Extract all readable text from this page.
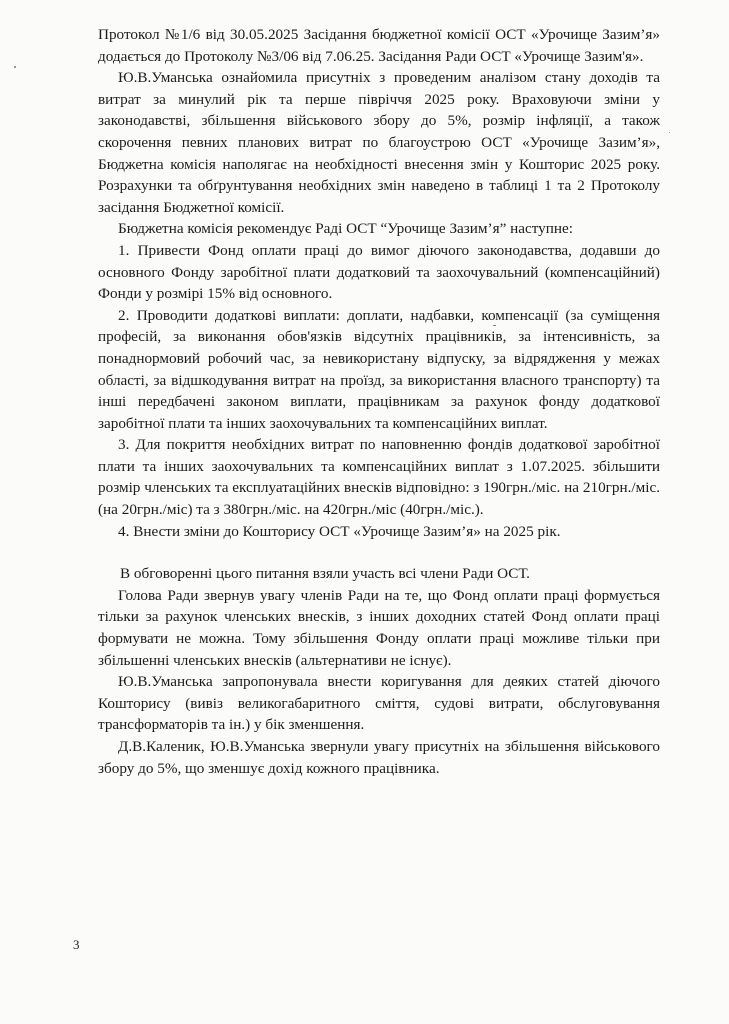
Протокол №1/6 від 30.05.2025 Засідання бюджетної комісії ОСТ «Урочище Зазим’я» додається до Протоколу №3/06 від 7.06.25. Засідання Ради ОСТ «Урочище Зазим'я».

Ю.В.Уманська ознайомила присутніх з проведеним аналізом стану доходів та витрат за минулий рік та перше півріччя 2025 року. Враховуючи зміни у законодавстві, збільшення військового збору до 5%, розмір інфляції, а також скорочення певних планових витрат по благоустрою ОСТ «Урочище Зазим’я», Бюджетна комісія наполягає на необхідності внесення змін у Кошторис 2025 року. Розрахунки та обґрунтування необхідних змін наведено в таблиці 1 та 2 Протоколу засідання Бюджетної комісії.

Бюджетна комісія рекомендує Раді ОСТ “Урочище Зазим’я” наступне:

1. Привести Фонд оплати праці до вимог діючого законодавства, додавши до основного Фонду заробітної плати додатковий та заохочувальний (компенсаційний) Фонди у розмірі 15% від основного.

2. Проводити додаткові виплати: доплати, надбавки, компенсації (за суміщення професій, за виконання обов'язків відсутніх працівників, за інтенсивність, за понаднормовий робочий час, за невикористану відпуску, за відрядження у межах області, за відшкодування витрат на проїзд, за використання власного транспорту) та інші передбачені законом виплати, працівникам за рахунок фонду додаткової заробітної плати та інших заохочувальних та компенсаційних виплат.

3. Для покриття необхідних витрат по наповненню фондів додаткової заробітної плати та інших заохочувальних та компенсаційних виплат з 1.07.2025. збільшити розмір членських та експлуатаційних внесків відповідно: з 190грн./міс. на 210грн./міс.(на 20грн./міс) та з 380грн./міс. на 420грн./міс (40грн./міс.).

4. Внести зміни до Кошторису ОСТ «Урочище Зазим’я» на 2025 рік.

В обговоренні цього питання взяли участь всі члени Ради ОСТ.

Голова Ради звернув увагу членів Ради на те, що Фонд оплати праці формується тільки за рахунок членських внесків, з інших доходних статей Фонд оплати праці формувати не можна. Тому збільшення Фонду оплати праці можливе тільки при збільшенні членських внесків (альтернативи не існує).

Ю.В.Уманська запропонувала внести коригування для деяких статей діючого Кошторису (вивіз великогабаритного сміття, судові витрати, обслуговування трансформаторів та ін.) у бік зменшення.

Д.В.Каленик, Ю.В.Уманська звернули увагу присутніх на збільшення військового збору до 5%, що зменшує дохід кожного працівника.

3
